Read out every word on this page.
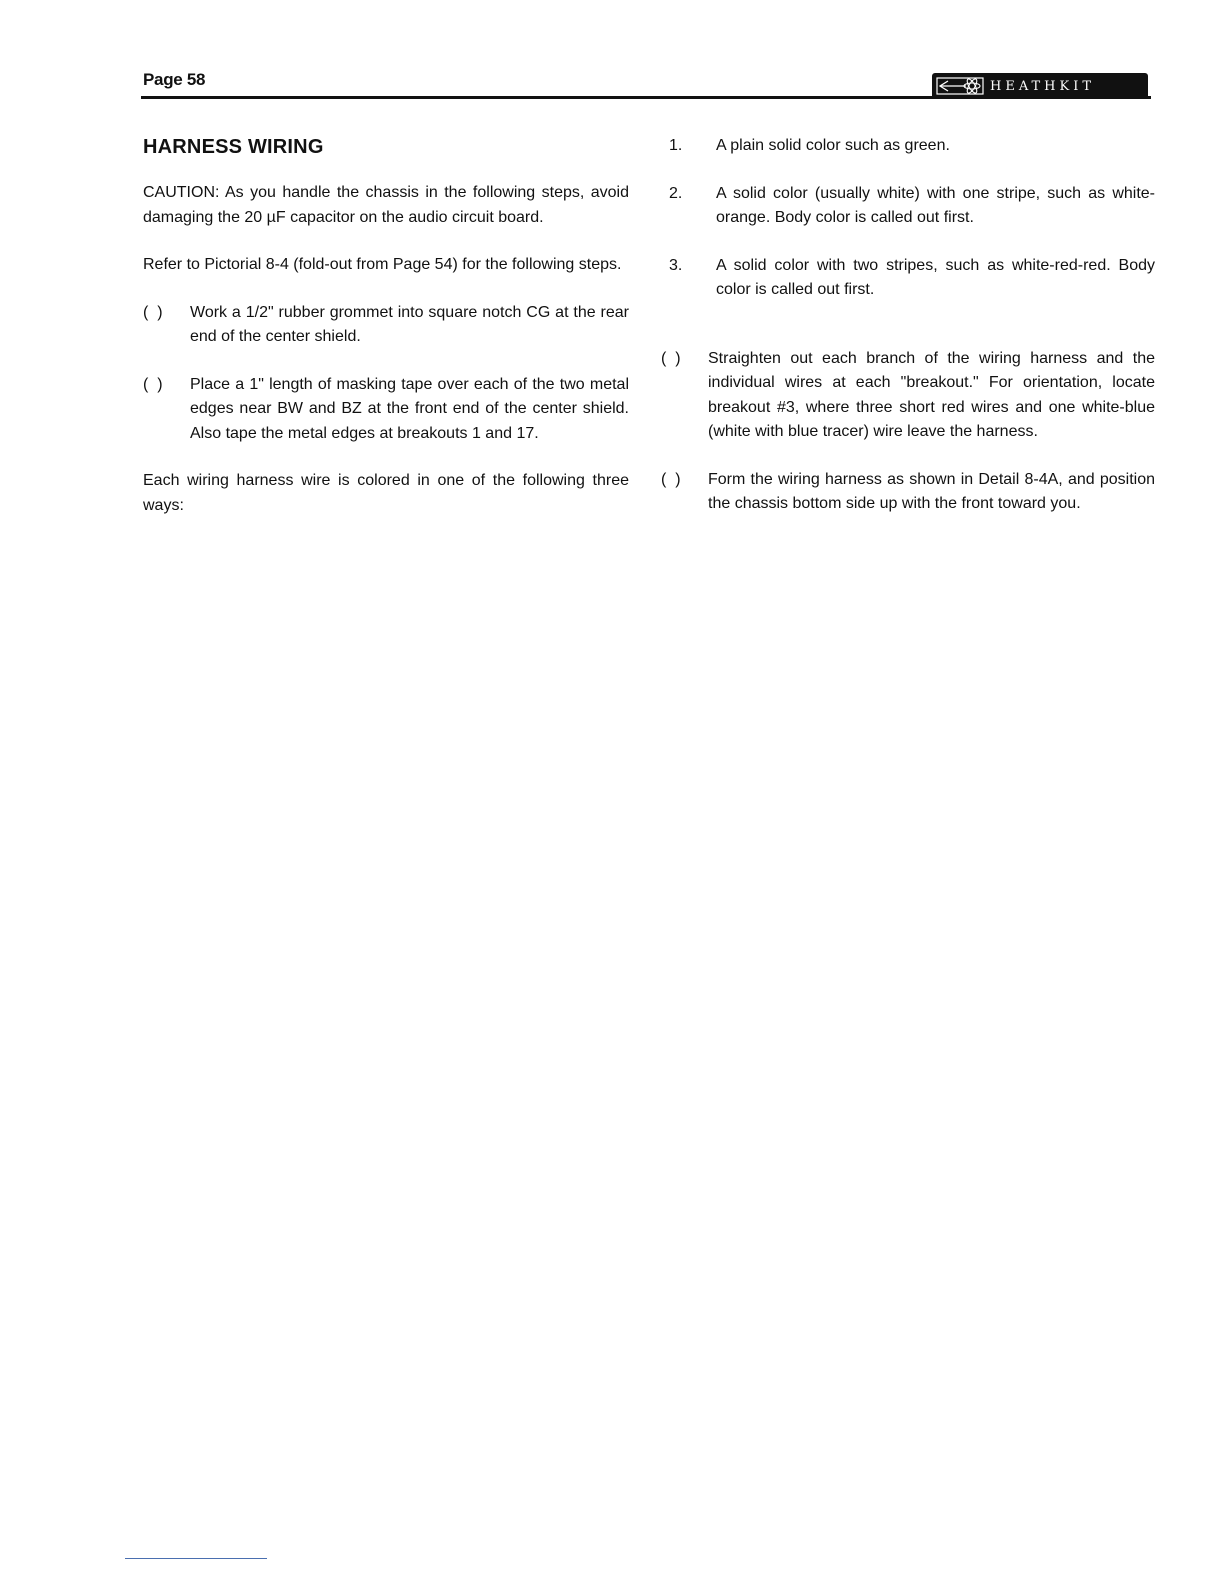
Page 58	HEATHKIT
HARNESS WIRING

CAUTION: As you handle the chassis in the following steps, avoid damaging the 20 µF capacitor on the audio circuit board.

Refer to Pictorial 8-4 (fold-out from Page 54) for the following steps.

(  )	Work a 1/2" rubber grommet into square notch CG at the rear end of the center shield.
(  )	Place a 1" length of masking tape over each of the two metal edges near BW and BZ at the front end of the center shield. Also tape the metal edges at breakouts 1 and 17.

Each wiring harness wire is colored in one of the following three ways:

1.	A plain solid color such as green.
2.	A solid color (usually white) with one stripe, such as white-orange. Body color is called out first.
3.	A solid color with two stripes, such as white-red-red. Body color is called out first.
(  )	Straighten out each branch of the wiring harness and the individual wires at each "breakout." For orientation, locate breakout #3, where three short red wires and one white-blue (white with blue tracer) wire leave the harness.
(  )	Form the wiring harness as shown in Detail 8-4A, and position the chassis bottom side up with the front toward you.
